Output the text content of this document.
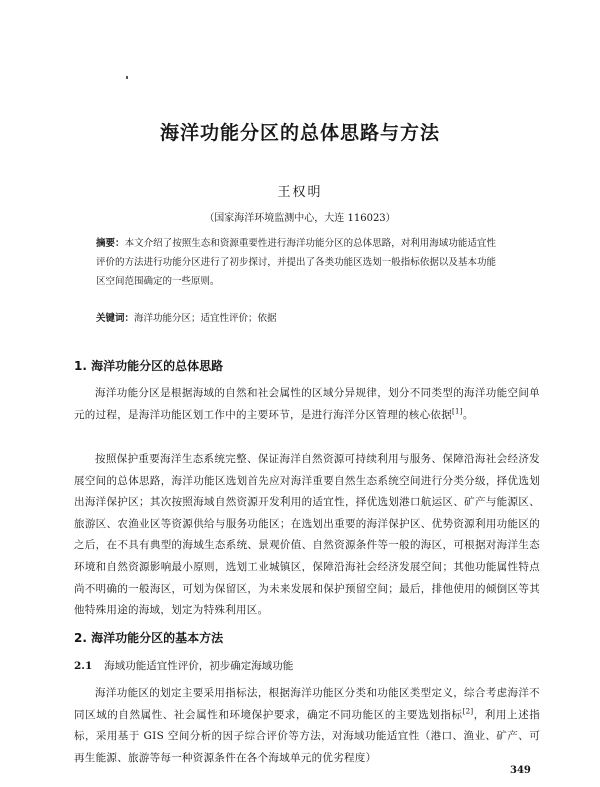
海洋功能分区的总体思路与方法
王权明
（国家海洋环境监测中心，大连 116023）
摘要：本文介绍了按照生态和资源重要性进行海洋功能分区的总体思路，对利用海域功能适宜性评价的方法进行功能分区进行了初步探讨，并提出了各类功能区选划一般指标依据以及基本功能区空间范围确定的一些原则。
关键词：海洋功能分区；适宜性评价；依据
1. 海洋功能分区的总体思路

海洋功能分区是根据海域的自然和社会属性的区域分异规律，划分不同类型的海洋功能空间单元的过程，是海洋功能区划工作中的主要环节，是进行海洋分区管理的核心依据[1]。

按照保护重要海洋生态系统完整、保证海洋自然资源可持续利用与服务、保障沿海社会经济发展空间的总体思路，海洋功能区选划首先应对海洋重要自然生态系统空间进行分类分级，择优选划出海洋保护区；其次按照海域自然资源开发利用的适宜性，择优选划港口航运区、矿产与能源区、旅游区、农渔业区等资源供给与服务功能区；在选划出重要的海洋保护区、优势资源利用功能区的之后，在不具有典型的海域生态系统、景观价值、自然资源条件等一般的海区，可根据对海洋生态环境和自然资源影响最小原则，选划工业城镇区，保障沿海社会经济发展空间；其他功能属性特点尚不明确的一般海区，可划为保留区，为未来发展和保护预留空间；最后，排他使用的倾倒区等其他特殊用途的海域，划定为特殊利用区。

2. 海洋功能分区的基本方法
2.1 海域功能适宜性评价，初步确定海域功能

海洋功能区的划定主要采用指标法，根据海洋功能区分类和功能区类型定义，综合考虑海洋不同区域的自然属性、社会属性和环境保护要求，确定不同功能区的主要选划指标[2]，利用上述指标，采用基于 GIS 空间分析的因子综合评价等方法，对海域功能适宜性（港口、渔业、矿产、可再生能源、旅游等每一种资源条件在各个海域单元的优劣程度）

349
